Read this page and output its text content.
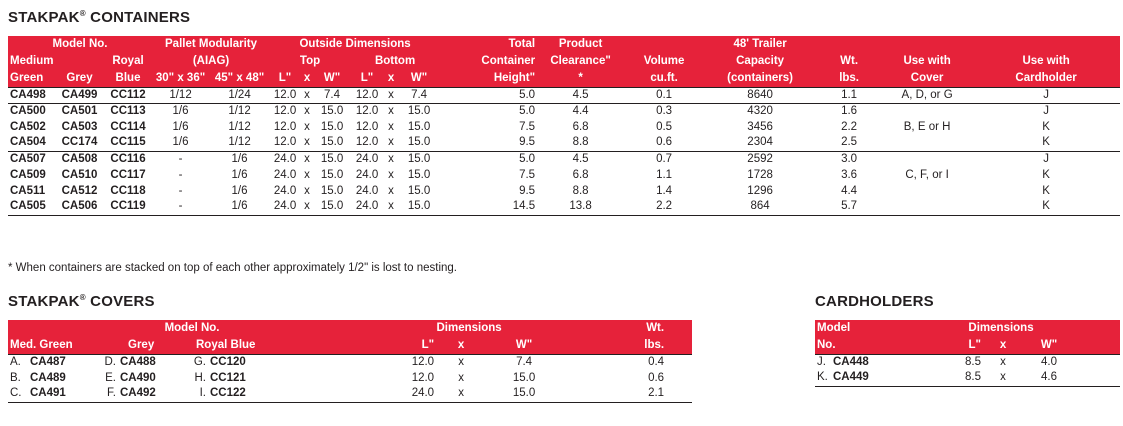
STAKPAK® CONTAINERS
Model No.			Pallet Modularity		Outside Dimensions						Total	Product		48' Trailer			
Medium		Royal	(AIAG)		Top			Bottom			Container	Clearance"	Volume	Capacity	Wt.	Use with	Use with
Green	Grey	Blue	30" x 36"	45" x 48"	L"	x	W"	L"	x	W"	Height"	*	cu.ft.	(containers)	lbs.	Cover	Cardholder
CA498	CA499	CC112	1/12	1/24	12.0	x	7.4	12.0	x	7.4	5.0	4.5	0.1	8640	1.1	A, D, or G	J
CA500	CA501	CC113	1/6	1/12	12.0	x	15.0	12.0	x	15.0	5.0	4.4	0.3	4320	1.6		J
CA502	CA503	CC114	1/6	1/12	12.0	x	15.0	12.0	x	15.0	7.5	6.8	0.5	3456	2.2	B, E or H	K
CA504	CC174	CC115	1/6	1/12	12.0	x	15.0	12.0	x	15.0	9.5	8.8	0.6	2304	2.5		K
CA507	CA508	CC116	-	1/6	24.0	x	15.0	24.0	x	15.0	5.0	4.5	0.7	2592	3.0		J
CA509	CA510	CC117	-	1/6	24.0	x	15.0	24.0	x	15.0	7.5	6.8	1.1	1728	3.6	C, F, or I	K
CA511	CA512	CC118	-	1/6	24.0	x	15.0	24.0	x	15.0	9.5	8.8	1.4	1296	4.4		K
CA505	CA506	CC119	-	1/6	24.0	x	15.0	24.0	x	15.0	14.5	13.8	2.2	864	5.7		K
* When containers are stacked on top of each other approximately 1/2" is lost to nesting.
STAKPAK® COVERS
Model No.						Dimensions			Wt.
Med. Green		Grey		Royal Blue		L"	x	W"	lbs.
A.	CA487	D.	CA488	G.	CC120	12.0	x	7.4	0.4
B.	CA489	E.	CA490	H.	CC121	12.0	x	15.0	0.6
C.	CA491	F.	CA492	I.	CC122	24.0	x	15.0	2.1
CARDHOLDERS
Model		Dimensions			
No.		L"	x	W"	
J.	CA448	8.5	x	4.0	
K.	CA449	8.5	x	4.6	
